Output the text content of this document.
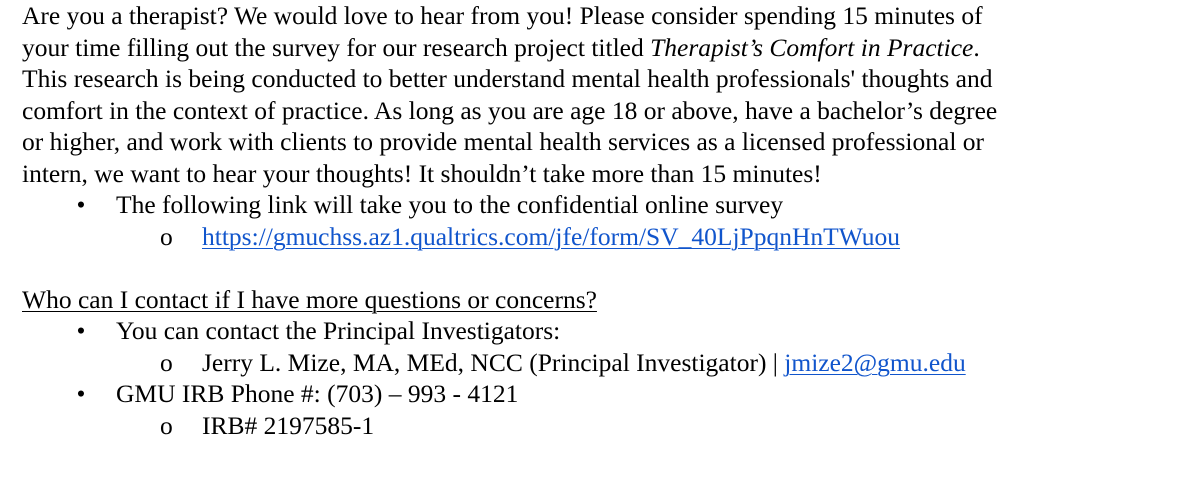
Are you a therapist? We would love to hear from you! Please consider spending 15 minutes of
your time filling out the survey for our research project titled Therapist’s Comfort in Practice.
This research is being conducted to better understand mental health professionals' thoughts and
comfort in the context of practice. As long as you are age 18 or above, have a bachelor’s degree
or higher, and work with clients to provide mental health services as a licensed professional or
intern, we want to hear your thoughts! It shouldn’t take more than 15 minutes!

• The following link will take you to the confidential online survey
o https://gmuchss.az1.qualtrics.com/jfe/form/SV_40LjPpqnHnTWuou
Who can I contact if I have more questions or concerns?
• You can contact the Principal Investigators:
o Jerry L. Mize, MA, MEd, NCC (Principal Investigator) | jmize2@gmu.edu
• GMU IRB Phone #: (703) – 993 - 4121
o IRB# 2197585-1
